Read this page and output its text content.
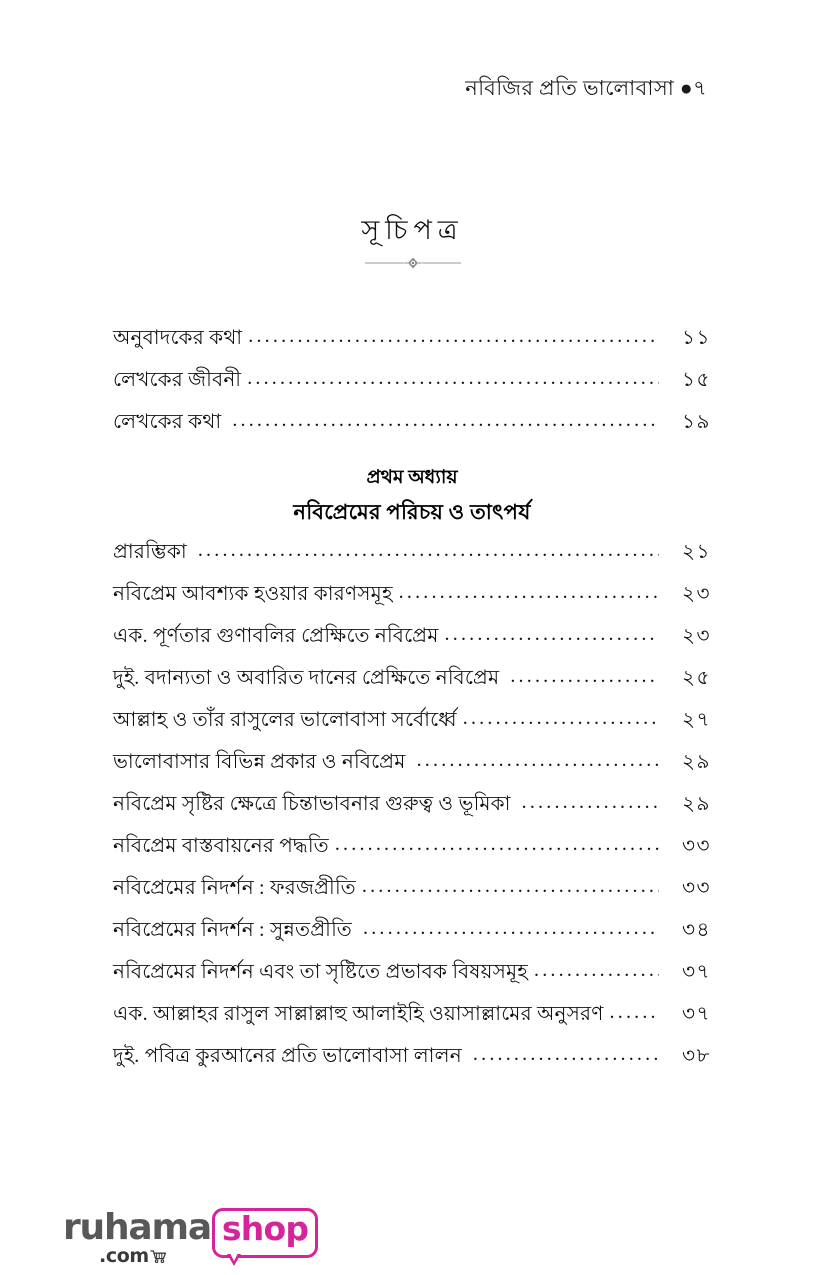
নবিজির প্রতি ভালোবাসা ●৭
সূচিপত্র
অনুবাদকের কথা .....	১১
লেখকের জীবনী .....	১৫
লেখকের কথা .....	১৯
প্রথম অধ্যায়
নবিপ্রেমের পরিচয় ও তাৎপর্য
প্রারম্ভিকা .....	২১
নবিপ্রেম আবশ্যক হওয়ার কারণসমূহ .....	২৩
এক. পূর্ণতার গুণাবলির প্রেক্ষিতে নবিপ্রেম .....	২৩
দুই. বদান্যতা ও অবারিত দানের প্রেক্ষিতে নবিপ্রেম .....	২৫
আল্লাহ ও তাঁর রাসুলের ভালোবাসা সর্বোর্ধ্বে .....	২৭
ভালোবাসার বিভিন্ন প্রকার ও নবিপ্রেম .....	২৯
নবিপ্রেম সৃষ্টির ক্ষেত্রে চিন্তাভাবনার গুরুত্ব ও ভূমিকা .....	২৯
নবিপ্রেম বাস্তবায়নের পদ্ধতি .....	৩৩
নবিপ্রেমের নিদর্শন : ফরজপ্রীতি .....	৩৩
নবিপ্রেমের নিদর্শন : সুন্নতপ্রীতি .....	৩৪
নবিপ্রেমের নিদর্শন এবং তা সৃষ্টিতে প্রভাবক বিষয়সমূহ .....	৩৭
এক. আল্লাহর রাসুল সাল্লাল্লাহু আলাইহি ওয়াসাল্লামের অনুসরণ .....	৩৭
দুই. পবিত্র কুরআনের প্রতি ভালোবাসা লালন .....	৩৮
ruhama shop
. com
